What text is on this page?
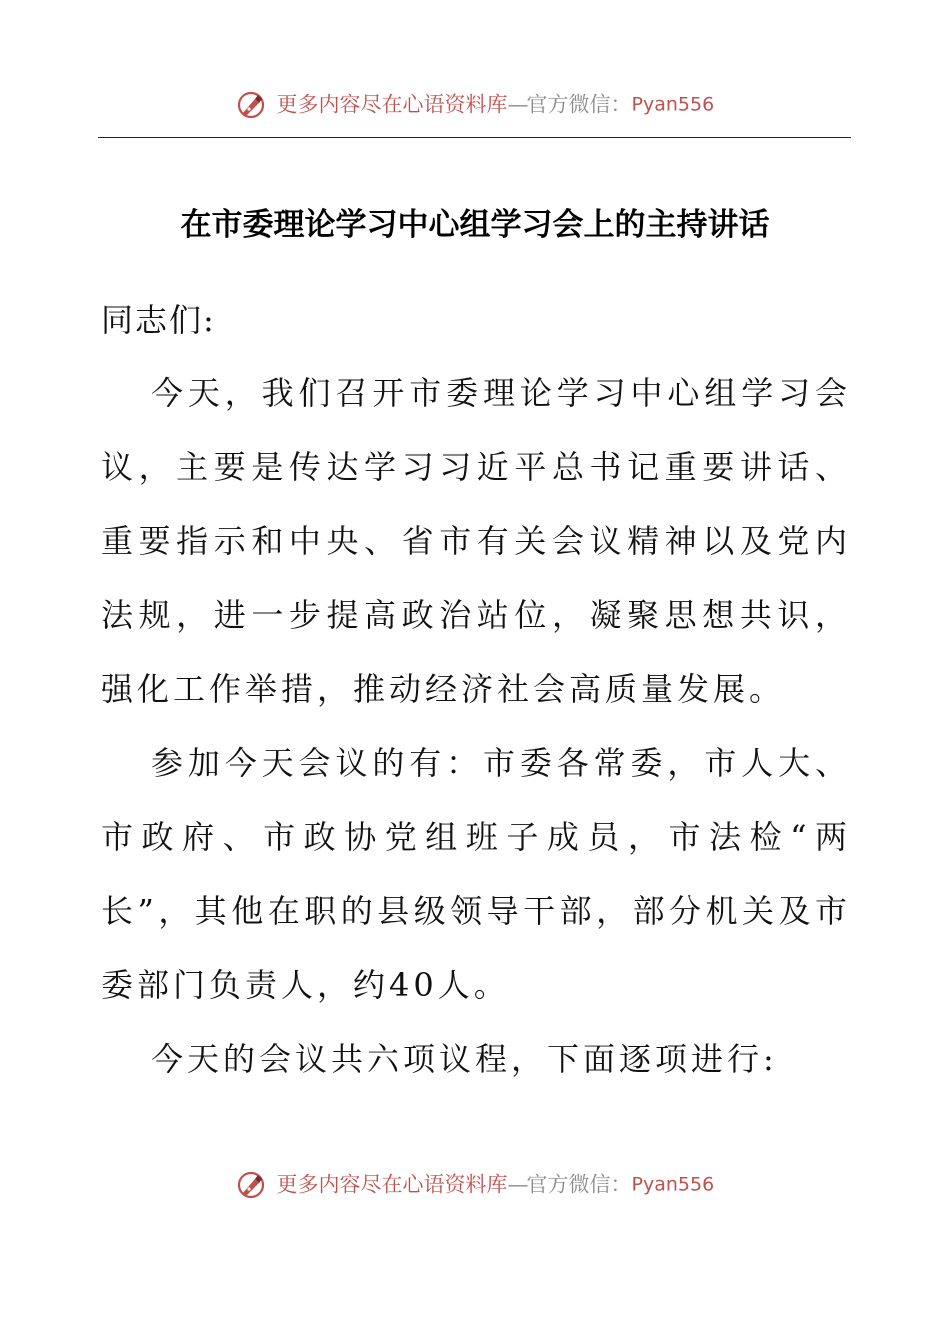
更多内容尽在心语资料库—官方微信：Pyan556
在市委理论学习中心组学习会上的主持讲话
同志们:
今天，我们召开市委理论学习中心组学习会议，主要是传达学习习近平总书记重要讲话、重要指示和中央、省市有关会议精神以及党内法规，进一步提高政治站位，凝聚思想共识，强化工作举措，推动经济社会高质量发展。
参加今天会议的有：市委各常委，市人大、市政府、市政协党组班子成员，市法检“两长”，其他在职的县级领导干部，部分机关及市委部门负责人，约40人。
今天的会议共六项议程，下面逐项进行:
更多内容尽在心语资料库—官方微信：Pyan556
